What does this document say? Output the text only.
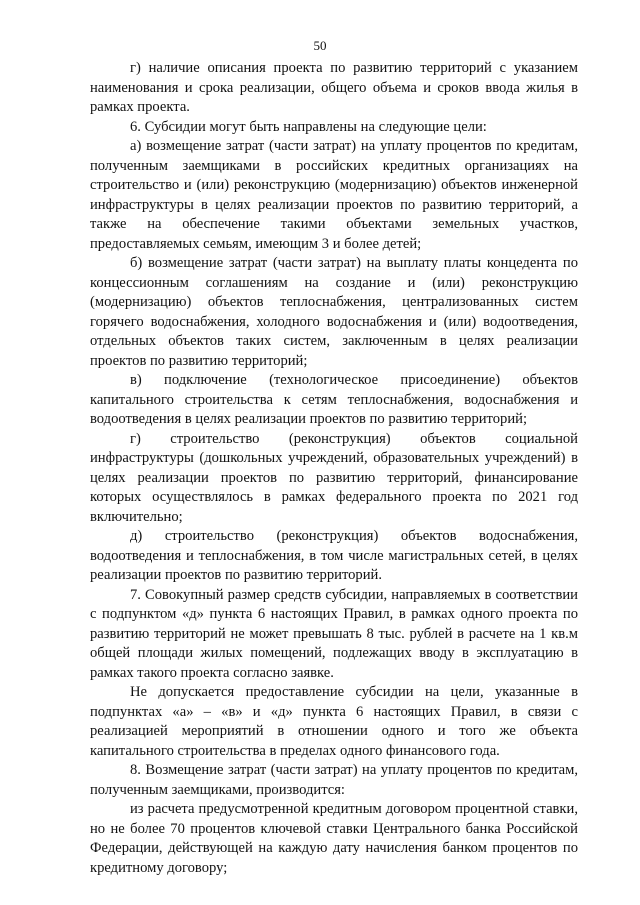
50

г) наличие описания проекта по развитию территорий с указанием наименования и срока реализации, общего объема и сроков ввода жилья в рамках проекта.

6. Субсидии могут быть направлены на следующие цели:

а) возмещение затрат (части затрат) на уплату процентов по кредитам, полученным заемщиками в российских кредитных организациях на строительство и (или) реконструкцию (модернизацию) объектов инженерной инфраструктуры в целях реализации проектов по развитию территорий, а также на обеспечение такими объектами земельных участков, предоставляемых семьям, имеющим 3 и более детей;

б) возмещение затрат (части затрат) на выплату платы концедента по концессионным соглашениям на создание и (или) реконструкцию (модернизацию) объектов теплоснабжения, централизованных систем горячего водоснабжения, холодного водоснабжения и (или) водоотведения, отдельных объектов таких систем, заключенным в целях реализации проектов по развитию территорий;

в) подключение (технологическое присоединение) объектов капитального строительства к сетям теплоснабжения, водоснабжения и водоотведения в целях реализации проектов по развитию территорий;

г) строительство (реконструкция) объектов социальной инфраструктуры (дошкольных учреждений, образовательных учреждений) в целях реализации проектов по развитию территорий, финансирование которых осуществлялось в рамках федерального проекта по 2021 год включительно;

д) строительство (реконструкция) объектов водоснабжения, водоотведения и теплоснабжения, в том числе магистральных сетей, в целях реализации проектов по развитию территорий.

7. Совокупный размер средств субсидии, направляемых в соответствии с подпунктом «д» пункта 6 настоящих Правил, в рамках одного проекта по развитию территорий не может превышать 8 тыс. рублей в расчете на 1 кв.м общей площади жилых помещений, подлежащих вводу в эксплуатацию в рамках такого проекта согласно заявке.

Не допускается предоставление субсидии на цели, указанные в подпунктах «а» – «в» и «д» пункта 6 настоящих Правил, в связи с реализацией мероприятий в отношении одного и того же объекта капитального строительства в пределах одного финансового года.

8. Возмещение затрат (части затрат) на уплату процентов по кредитам, полученным заемщиками, производится:

из расчета предусмотренной кредитным договором процентной ставки, но не более 70 процентов ключевой ставки Центрального банка Российской Федерации, действующей на каждую дату начисления банком процентов по кредитному договору;
